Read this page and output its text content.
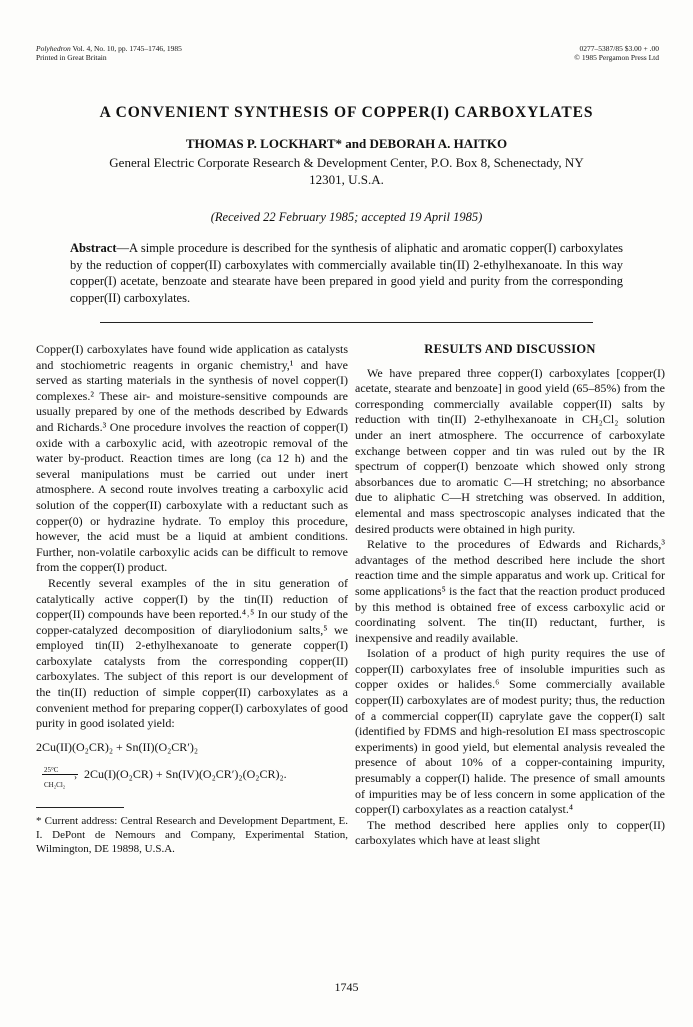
Polyhedron Vol. 4, No. 10, pp. 1745–1746, 1985
Printed in Great Britain
0277–5387/85 $3.00 + .00
© 1985 Pergamon Press Ltd
A CONVENIENT SYNTHESIS OF COPPER(I) CARBOXYLATES
THOMAS P. LOCKHART* and DEBORAH A. HAITKO
General Electric Corporate Research & Development Center, P.O. Box 8, Schenectady, NY
12301, U.S.A.
(Received 22 February 1985; accepted 19 April 1985)
Abstract—A simple procedure is described for the synthesis of aliphatic and aromatic copper(I) carboxylates by the reduction of copper(II) carboxylates with commercially available tin(II) 2-ethylhexanoate. In this way copper(I) acetate, benzoate and stearate have been prepared in good yield and purity from the corresponding copper(II) carboxylates.

Copper(I) carboxylates have found wide application as catalysts and stochiometric reagents in organic chemistry,¹ and have served as starting materials in the synthesis of novel copper(I) complexes.² These air- and moisture-sensitive compounds are usually prepared by one of the methods described by Edwards and Richards.³ One procedure involves the reaction of copper(I) oxide with a carboxylic acid, with azeotropic removal of the water by-product. Reaction times are long (ca 12 h) and the several manipulations must be carried out under inert atmosphere. A second route involves treating a carboxylic acid solution of the copper(II) carboxylate with a reductant such as copper(0) or hydrazine hydrate. To employ this procedure, however, the acid must be a liquid at ambient conditions. Further, non-volatile carboxylic acids can be difficult to remove from the copper(I) product.

Recently several examples of the in situ generation of catalytically active copper(I) by the tin(II) reduction of copper(II) compounds have been reported.⁴˒⁵ In our study of the copper-catalyzed decomposition of diaryliodonium salts,⁵ we employed tin(II) 2-ethylhexanoate to generate copper(I) carboxylate catalysts from the corresponding copper(II) carboxylates. The subject of this report is our development of the tin(II) reduction of simple copper(II) carboxylates as a convenient method for preparing copper(I) carboxylates of good purity in good isolated yield:

2Cu(II)(O₂CR)₂ + Sn(II)(O₂CR′)₂

25°C
›
CH₂Cl₂
2Cu(I)(O₂CR) + Sn(IV)(O₂CR′)₂(O₂CR)₂.

* Current address: Central Research and Development Department, E. I. DePont de Nemours and Company, Experimental Station, Wilmington, DE 19898, U.S.A.

RESULTS AND DISCUSSION

We have prepared three copper(I) carboxylates [copper(I) acetate, stearate and benzoate] in good yield (65–85%) from the corresponding commercially available copper(II) salts by reduction with tin(II) 2-ethylhexanoate in CH₂Cl₂ solution under an inert atmosphere. The occurrence of carboxylate exchange between copper and tin was ruled out by the IR spectrum of copper(I) benzoate which showed only strong absorbances due to aromatic C—H stretching; no absorbance due to aliphatic C—H stretching was observed. In addition, elemental and mass spectroscopic analyses indicated that the desired products were obtained in high purity.

Relative to the procedures of Edwards and Richards,³ advantages of the method described here include the short reaction time and the simple apparatus and work up. Critical for some applications⁵ is the fact that the reaction product produced by this method is obtained free of excess carboxylic acid or coordinating solvent. The tin(II) reductant, further, is inexpensive and readily available.

Isolation of a product of high purity requires the use of copper(II) carboxylates free of insoluble impurities such as copper oxides or halides.⁶ Some commercially available copper(II) carboxylates are of modest purity; thus, the reduction of a commercial copper(II) caprylate gave the copper(I) salt (identified by FDMS and high-resolution EI mass spectroscopic experiments) in good yield, but elemental analysis revealed the presence of about 10% of a copper-containing impurity, presumably a copper(I) halide. The presence of small amounts of impurities may be of less concern in some application of the copper(I) carboxylates as a reaction catalyst.⁴

The method described here applies only to copper(II) carboxylates which have at least slight

1745
